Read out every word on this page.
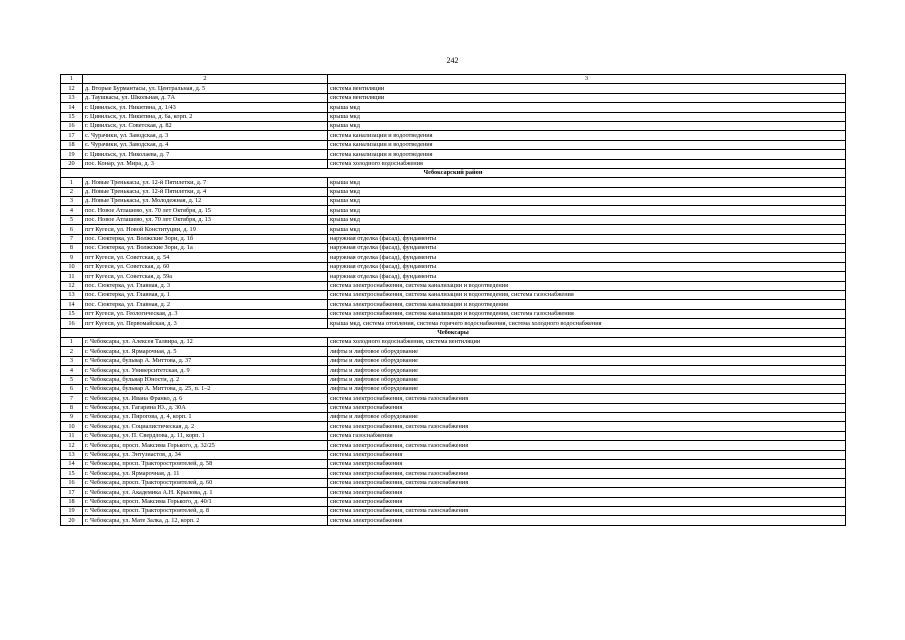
242
1	2	3
12	д. Вторые Бурмантасы, ул. Центральная, д. 5	система вентиляции
13	д. Таушкасы, ул. Школьная, д. 7А	система вентиляции
14	г. Цивильск, ул. Никитина, д. 1/43	крыша мкд
15	г. Цивильск, ул. Никитина, д. 6а, корп. 2	крыша мкд
16	г. Цивильск, ул. Советская, д. 82	крыша мкд
17	с. Чурачики, ул. Заводская, д. 3	система канализации и водоотведения
18	с. Чурачики, ул. Заводская, д. 4	система канализации и водоотведения
19	г. Цивильск, ул. Николаева, д. 7	система канализации и водоотведения
20	пос. Конар, ул. Мира, д. 3	система холодного водоснабжения
Чебоксарский район		
1	д. Новые Тренькасы, ул. 12-й Пятилетки, д. 7	крыша мкд
2	д. Новые Тренькасы, ул. 12-й Пятилетки, д. 4	крыша мкд
3	д. Новые Тренькасы, ул. Молодежная, д. 12	крыша мкд
4	пос. Новое Атлашево, ул. 70 лет Октября, д. 15	крыша мкд
5	пос. Новое Атлашево, ул. 70 лет Октября, д. 13	крыша мкд
6	пгт Кугеси, ул. Новой Конституции, д. 19	крыша мкд
7	пос. Сюктерка, ул. Волжские Зори, д. 1б	наружная отделка (фасад), фундаменты
8	пос. Сюктерка, ул. Волжские Зори, д. 1а	наружная отделка (фасад), фундаменты
9	пгт Кугеси, ул. Советская, д. 54	наружная отделка (фасад), фундаменты
10	пгт Кугеси, ул. Советская, д. 60	наружная отделка (фасад), фундаменты
11	пгт Кугеси, ул. Советская, д. 59а	наружная отделка (фасад), фундаменты
12	пос. Сюктерка, ул. Главная, д. 3	система электроснабжения, система канализации и водоотведения
13	пос. Сюктерка, ул. Главная, д. 1	система электроснабжения, система канализации и водоотведения, система газоснабжения
14	пос. Сюктерка, ул. Главная, д. 2	система электроснабжения, система канализации и водоотведения
15	пгт Кугеси, ул. Геологическая, д. 3	система электроснабжения, система канализации и водоотведения, система газоснабжения
16	пгт Кугеси, ул. Первомайская, д. 3	крыша мкд, система отопления, система горячего водоснабжения, система холодного водоснабжения
Чебоксары		
1	г. Чебоксары, ул. Алексея Талвира, д. 12	система холодного водоснабжения, система вентиляции
2	г. Чебоксары, ул. Ярмарочная, д. 5	лифты и лифтовое оборудование
3	г. Чебоксары, бульвар А. Миттова, д. 37	лифты и лифтовое оборудование
4	г. Чебоксары, ул. Университетская, д. 9	лифты и лифтовое оборудование
5	г. Чебоксары, бульвар Юности, д. 2	лифты и лифтовое оборудование
6	г. Чебоксары, бульвар А. Миттова, д. 25, п. 1–2	лифты и лифтовое оборудование
7	г. Чебоксары, ул. Ивана Франко, д. 6	система электроснабжения, система газоснабжения
8	г. Чебоксары, ул. Гагарина Ю., д. 30А	система электроснабжения
9	г. Чебоксары, ул. Пирогова, д. 4, корп. 1	лифты и лифтовое оборудование
10	г. Чебоксары, ул. Социалистическая, д. 2	система электроснабжения, система газоснабжения
11	г. Чебоксары, ул. П. Свердлова, д. 11, корп. 1	система газоснабжения
12	г. Чебоксары, просп. Максима Горького, д. 32/25	система электроснабжения, система газоснабжения
13	г. Чебоксары, ул. Энтузиастов, д. 34	система электроснабжения
14	г. Чебоксары, просп. Тракторостроителей, д. 58	система электроснабжения
15	г. Чебоксары, ул. Ярмарочная, д. 11	система электроснабжения, система газоснабжения
16	г. Чебоксары, просп. Тракторостроителей, д. 60	система электроснабжения, система газоснабжения
17	г. Чебоксары, ул. Академика А.Н. Крылова, д. 1	система электроснабжения
18	г. Чебоксары, просп. Максима Горького, д. 40/1	система электроснабжения
19	г. Чебоксары, просп. Тракторостроителей, д. 8	система электроснабжения, система газоснабжения
20	г. Чебоксары, ул. Мате Залка, д. 12, корп. 2	система электроснабжения
